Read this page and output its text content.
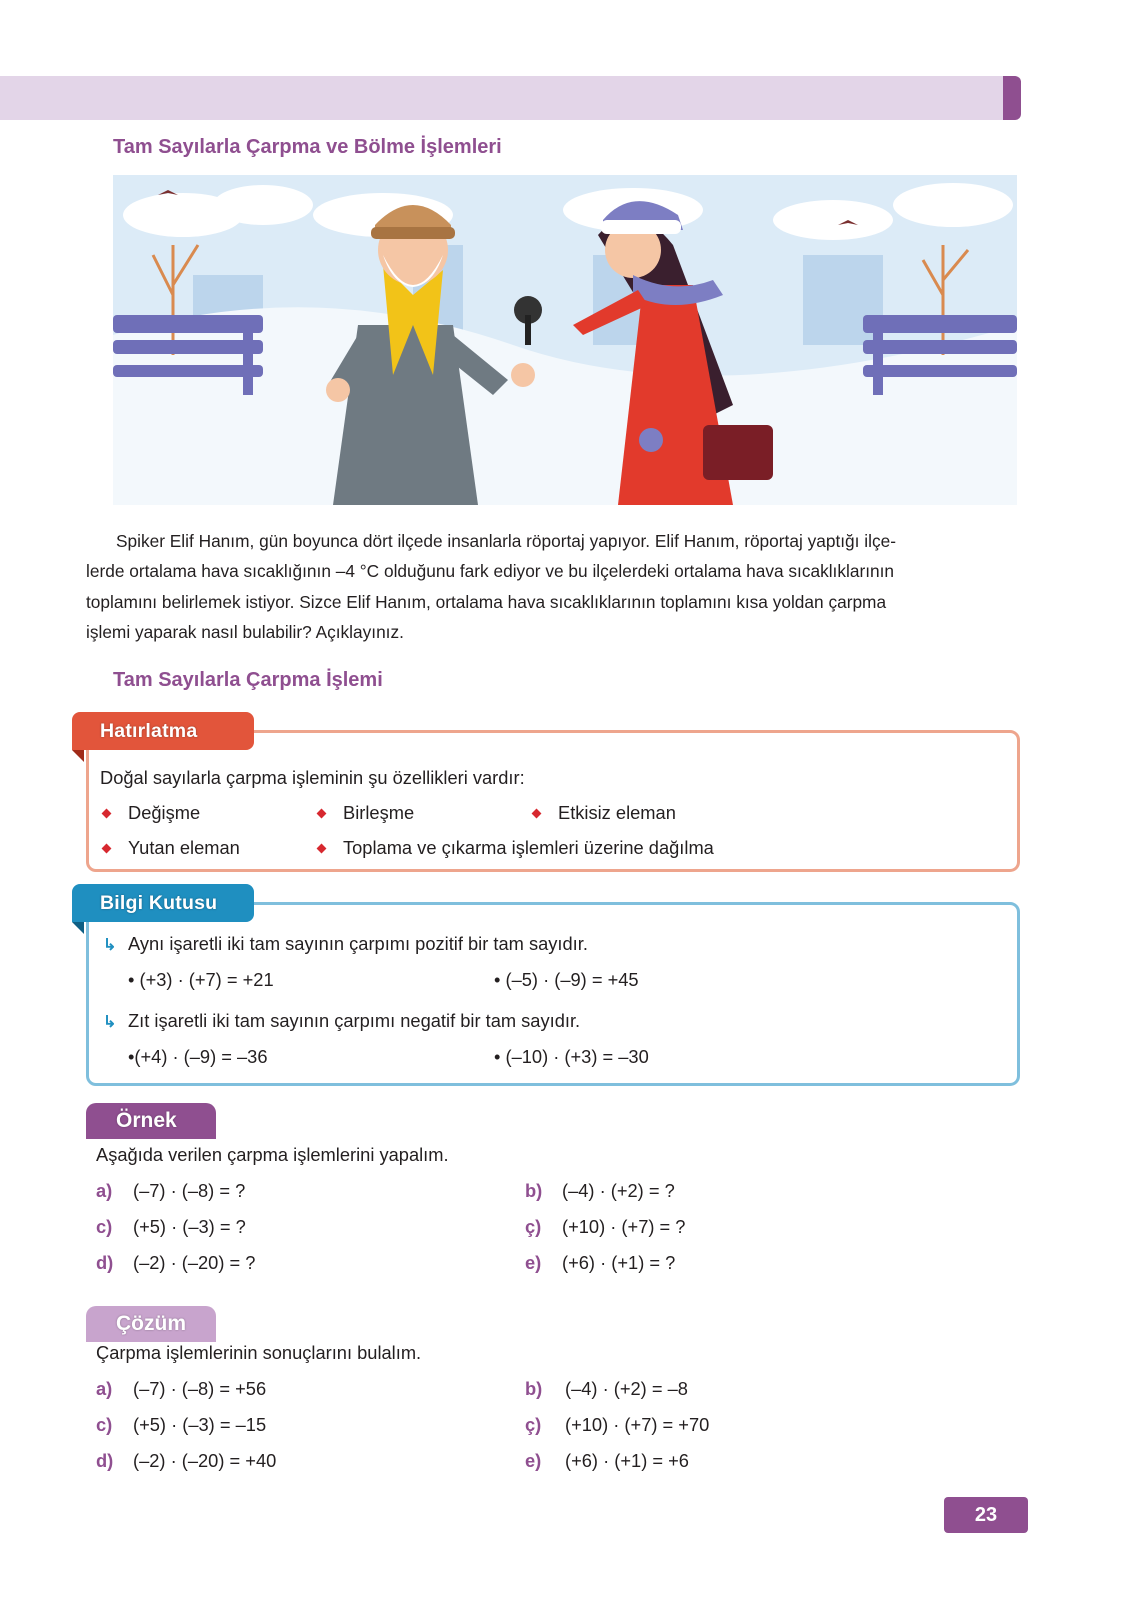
Tam Sayılarla Çarpma ve Bölme İşlemleri

Spiker Elif Hanım, gün boyunca dört ilçede insanlarla röportaj yapıyor. Elif Hanım, röportaj yaptığı ilçe-

lerde ortalama hava sıcaklığının –4 °C olduğunu fark ediyor ve bu ilçelerdeki ortalama hava sıcaklıklarının

toplamını belirlemek istiyor. Sizce Elif Hanım, ortalama hava sıcaklıklarının toplamını kısa yoldan çarpma

işlemi yaparak nasıl bulabilir? Açıklayınız.

Tam Sayılarla Çarpma İşlemi
Hatırlatma
Doğal sayılarla çarpma işleminin şu özellikleri vardır:
Değişme	Birleşme	Etkisiz eleman
Yutan eleman	Toplama ve çıkarma işlemleri üzerine dağılma
Bilgi Kutusu
↳ Aynı işaretli iki tam sayının çarpımı pozitif bir tam sayıdır.
• (+3) · (+7) = +21	• (–5) · (–9) = +45
↳ Zıt işaretli iki tam sayının çarpımı negatif bir tam sayıdır.
•(+4) · (–9) = –36	• (–10) · (+3) = –30
Örnek
Aşağıda verilen çarpma işlemlerini yapalım.
a) (–7) · (–8) = ?	b) (–4) · (+2) = ?
c) (+5) · (–3) = ?	ç) (+10) · (+7) = ?
d) (–2) · (–20) = ?	e) (+6) · (+1) = ?
Çözüm
Çarpma işlemlerinin sonuçlarını bulalım.
a) (–7) · (–8) = +56	b) (–4) · (+2) = –8
c) (+5) · (–3) = –15	ç) (+10) · (+7) = +70
d) (–2) · (–20) = +40	e) (+6) · (+1) = +6
23
